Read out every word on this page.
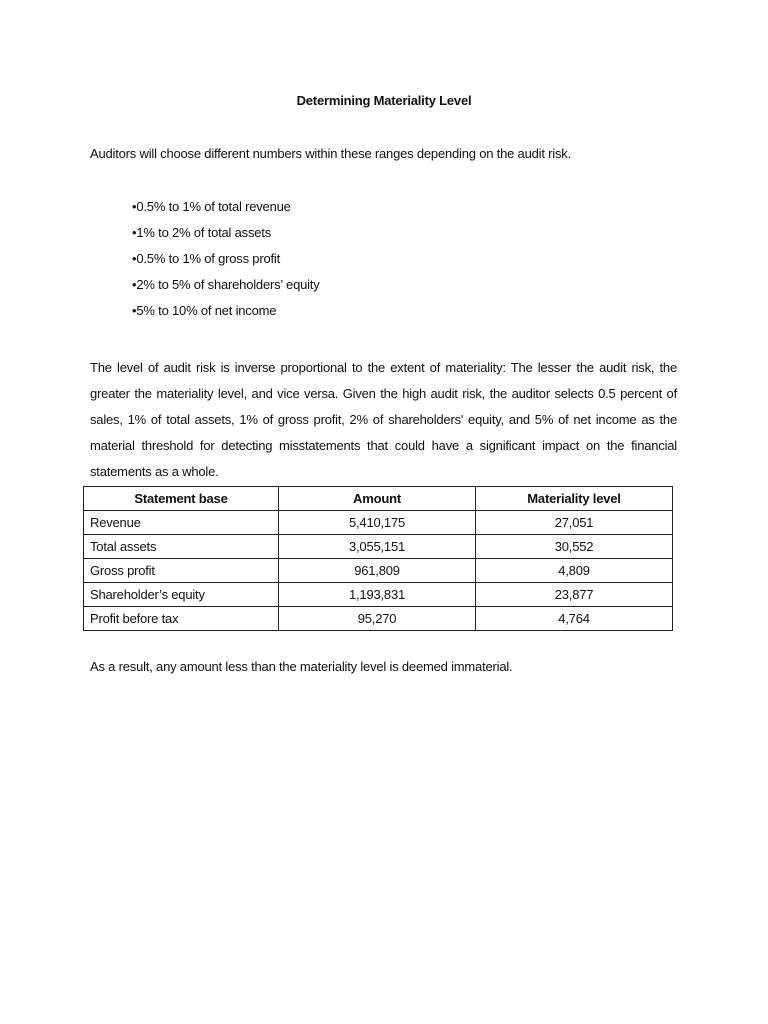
Determining Materiality Level
Auditors will choose different numbers within these ranges depending on the audit risk.
•0.5% to 1% of total revenue
•1% to 2% of total assets
•0.5% to 1% of gross profit
•2% to 5% of shareholders’ equity
•5% to 10% of net income

The level of audit risk is inverse proportional to the extent of materiality: The lesser the audit risk, the greater the materiality level, and vice versa. Given the high audit risk, the auditor selects 0.5 percent of sales, 1% of total assets, 1% of gross profit, 2% of shareholders' equity, and 5% of net income as the material threshold for detecting misstatements that could have a significant impact on the financial statements as a whole.

Statement base	Amount	Materiality level
Revenue	5,410,175	27,051
Total assets	3,055,151	30,552
Gross profit	961,809	4,809
Shareholder’s equity	1,193,831	23,877
Profit before tax	95,270	4,764
As a result, any amount less than the materiality level is deemed immaterial.
